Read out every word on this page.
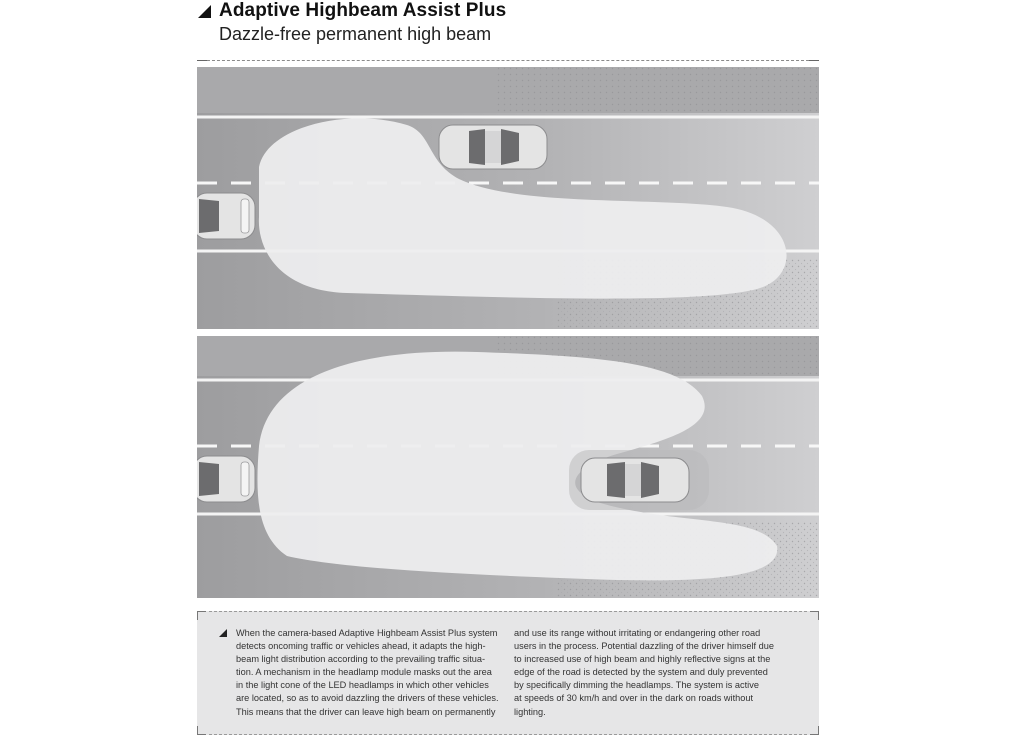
Adaptive Highbeam Assist Plus
Dazzle-free permanent high beam
When the camera-based Adaptive Highbeam Assist Plus system
detects oncoming traffic or vehicles ahead, it adapts the high-
beam light distribution according to the prevailing traffic situa-
tion. A mechanism in the headlamp module masks out the area
in the light cone of the LED headlamps in which other vehicles
are located, so as to avoid dazzling the drivers of these vehicles.
This means that the driver can leave high beam on permanently
and use its range without irritating or endangering other road
users in the process. Potential dazzling of the driver himself due
to increased use of high beam and highly reflective signs at the
edge of the road is detected by the system and duly prevented
by specifically dimming the headlamps. The system is active
at speeds of 30 km/h and over in the dark on roads without
lighting.
